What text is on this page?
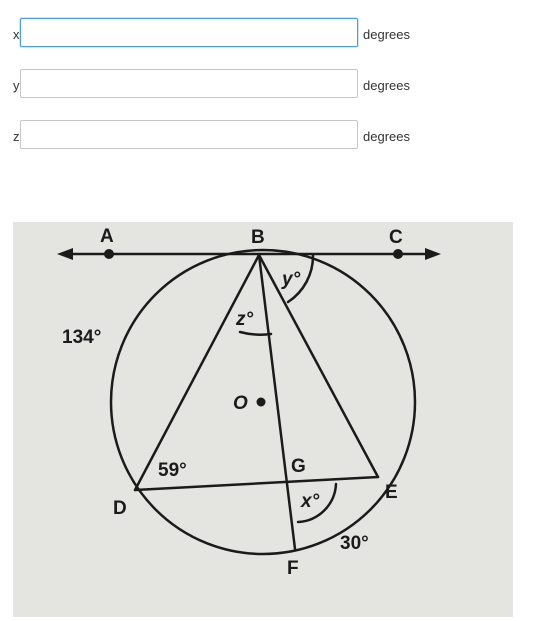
x	degrees
y	degrees
z	degrees
A	B	C
134°
y°
z°
O
59°	G
D
E
x°
30°
F
